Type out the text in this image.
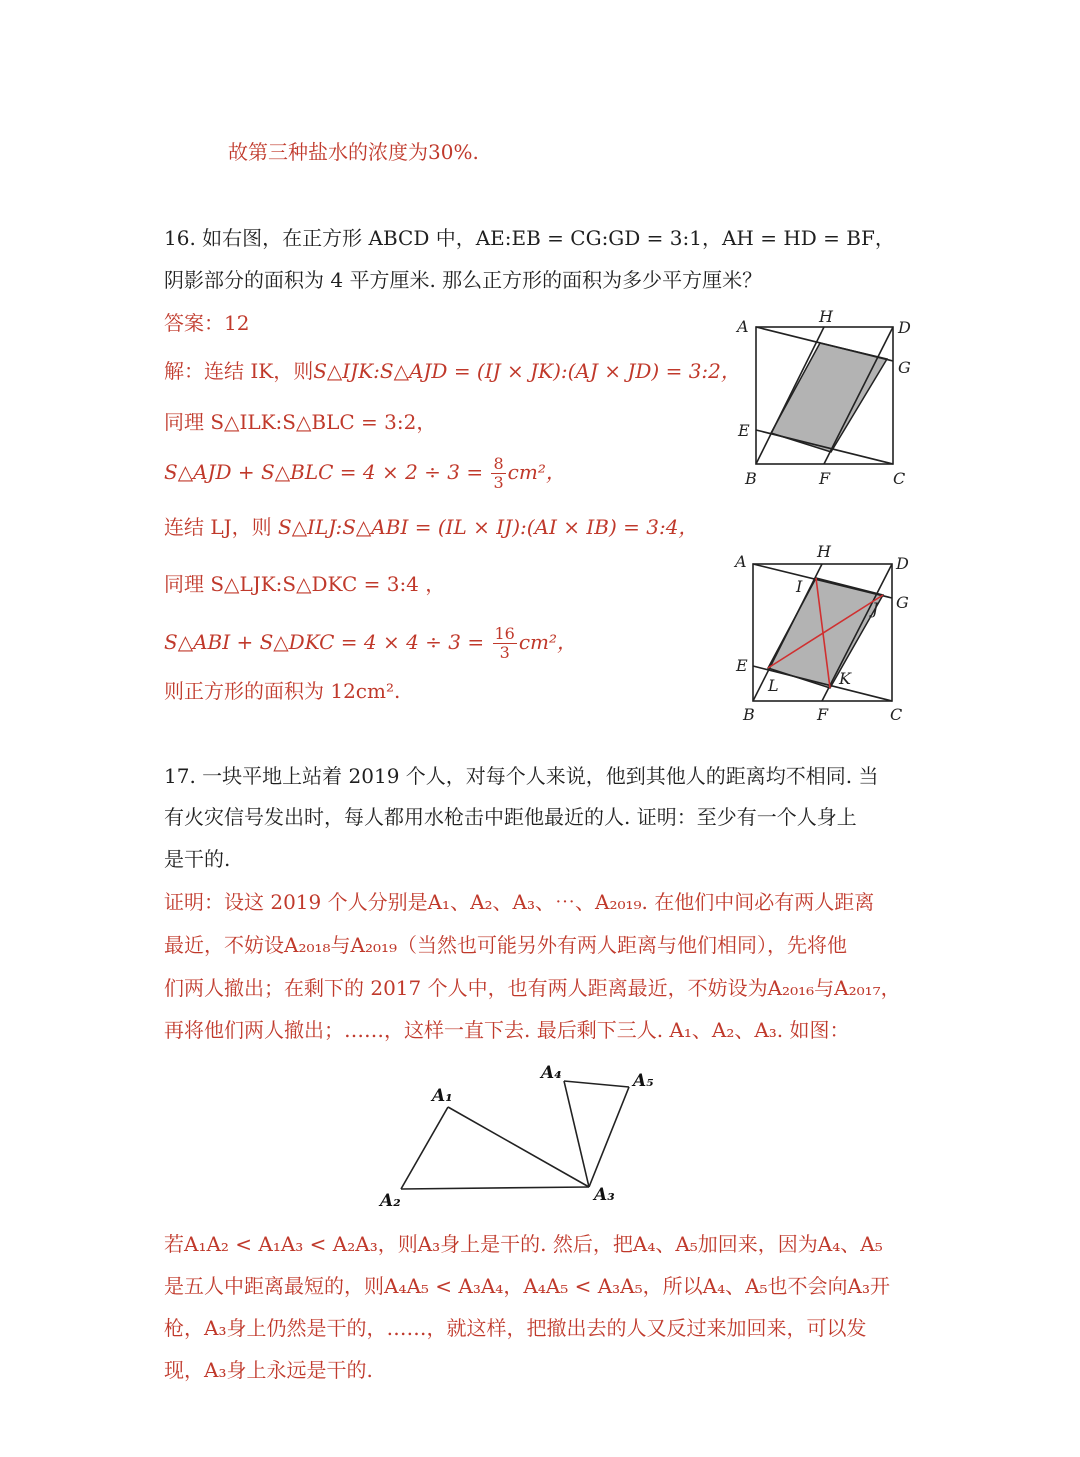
故第三种盐水的浓度为30%.
16. 如右图，在正方形 ABCD 中，AE:EB = CG:GD = 3:1，AH = HD = BF，
阴影部分的面积为 4 平方厘米. 那么正方形的面积为多少平方厘米？
答案：12
解：连结 IK，则S△IJK:S△AJD = (IJ × JK):(AJ × JD) = 3:2，
同理 S△ILK:S△BLC = 3:2，
S△AJD + S△BLC = $4 \times 2 \div 3 = \frac{8}{3} cm^2$，
连结 LJ，则 S△ILJ:S△ABI = (IL × IJ):(AI × IB) = 3:4，
同理 S△LJK:S△DKC = 3:4 ，
S△ABI + S△DKC = $4 \times 4 \div 3 = \frac{16}{3} cm^2$，
则正方形的面积为 12cm².
A
H
D
G
E
B	F	C
A
H
D
G
I
J
E
L	K
B	F	C
17. 一块平地上站着 2019 个人，对每个人来说，他到其他人的距离均不相同. 当
有火灾信号发出时，每人都用水枪击中距他最近的人. 证明：至少有一个人身上
是干的.
证明：设这 2019 个人分别是A₁、A₂、A₃、⋯、A₂₀₁₉. 在他们中间必有两人距离
最近，不妨设A₂₀₁₈与A₂₀₁₉（当然也可能另外有两人距离与他们相同），先将他
们两人撤出；在剩下的 2017 个人中，也有两人距离最近，不妨设为A₂₀₁₆与A₂₀₁₇，
再将他们两人撤出；……，这样一直下去. 最后剩下三人. A₁、A₂、A₃. 如图：
A₁
A₂	A₃
A₄	A₅
若A₁A₂ < A₁A₃ < A₂A₃，则A₃身上是干的. 然后，把A₄、A₅加回来，因为A₄、A₅
是五人中距离最短的，则A₄A₅ < A₃A₄，A₄A₅ < A₃A₅，所以A₄、A₅也不会向A₃开
枪，A₃身上仍然是干的，……，就这样，把撤出去的人又反过来加回来，可以发
现，A₃身上永远是干的.
